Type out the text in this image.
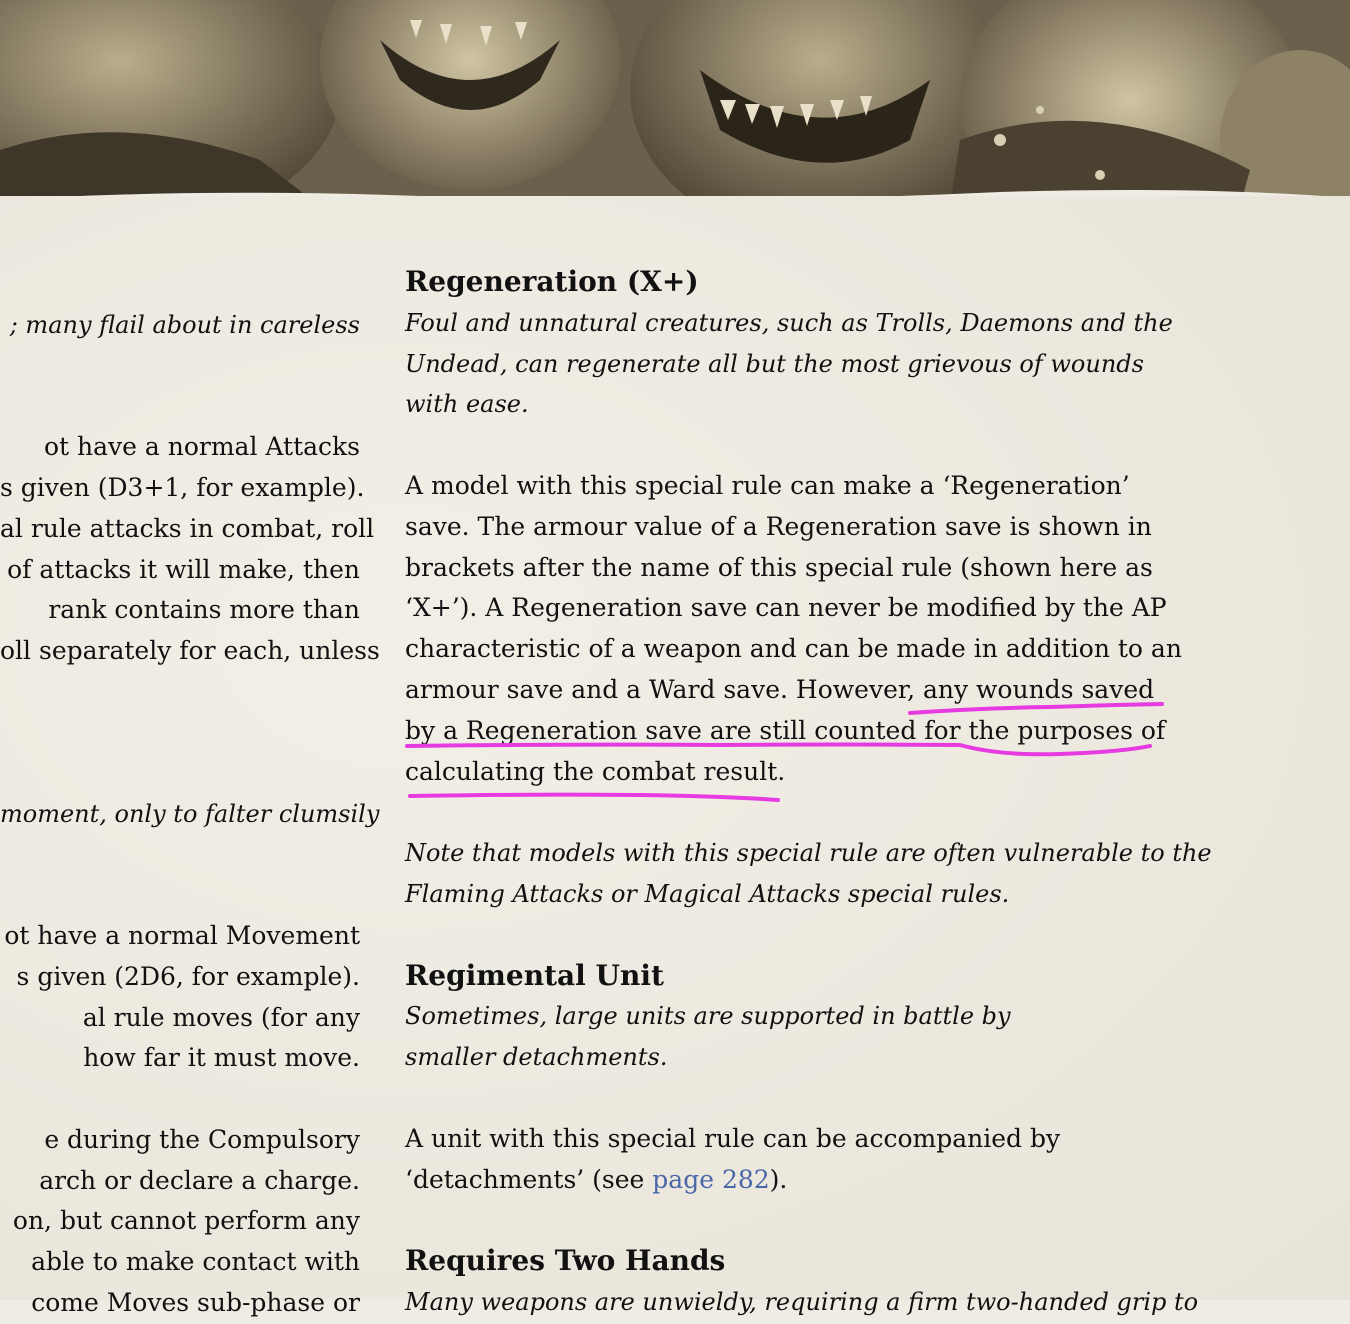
; many flail about in careless
ot have a normal Attacks
s given (D3+1, for example).
al rule attacks in combat, roll
of attacks it will make, then
rank contains more than
oll separately for each, unless
moment, only to falter clumsily
ot have a normal Movement
s given (2D6, for example).
al rule moves (for any
how far it must move.
e during the Compulsory
arch or declare a charge.
on, but cannot perform any
able to make contact with
come Moves sub-phase or
Regeneration (X+)
Foul and unnatural creatures, such as Trolls, Daemons and the
Undead, can regenerate all but the most grievous of wounds
with ease.
A model with this special rule can make a ‘Regeneration’
save. The armour value of a Regeneration save is shown in
brackets after the name of this special rule (shown here as
‘X+’). A Regeneration save can never be modified by the AP
characteristic of a weapon and can be made in addition to an
armour save and a Ward save. However, any wounds saved
by a Regeneration save are still counted for the purposes of
calculating the combat result.
Note that models with this special rule are often vulnerable to the
Flaming Attacks or Magical Attacks special rules.
Regimental Unit
Sometimes, large units are supported in battle by
smaller detachments.
A unit with this special rule can be accompanied by
‘detachments’ (see page 282).
Requires Two Hands
Many weapons are unwieldy, requiring a firm two-handed grip to
